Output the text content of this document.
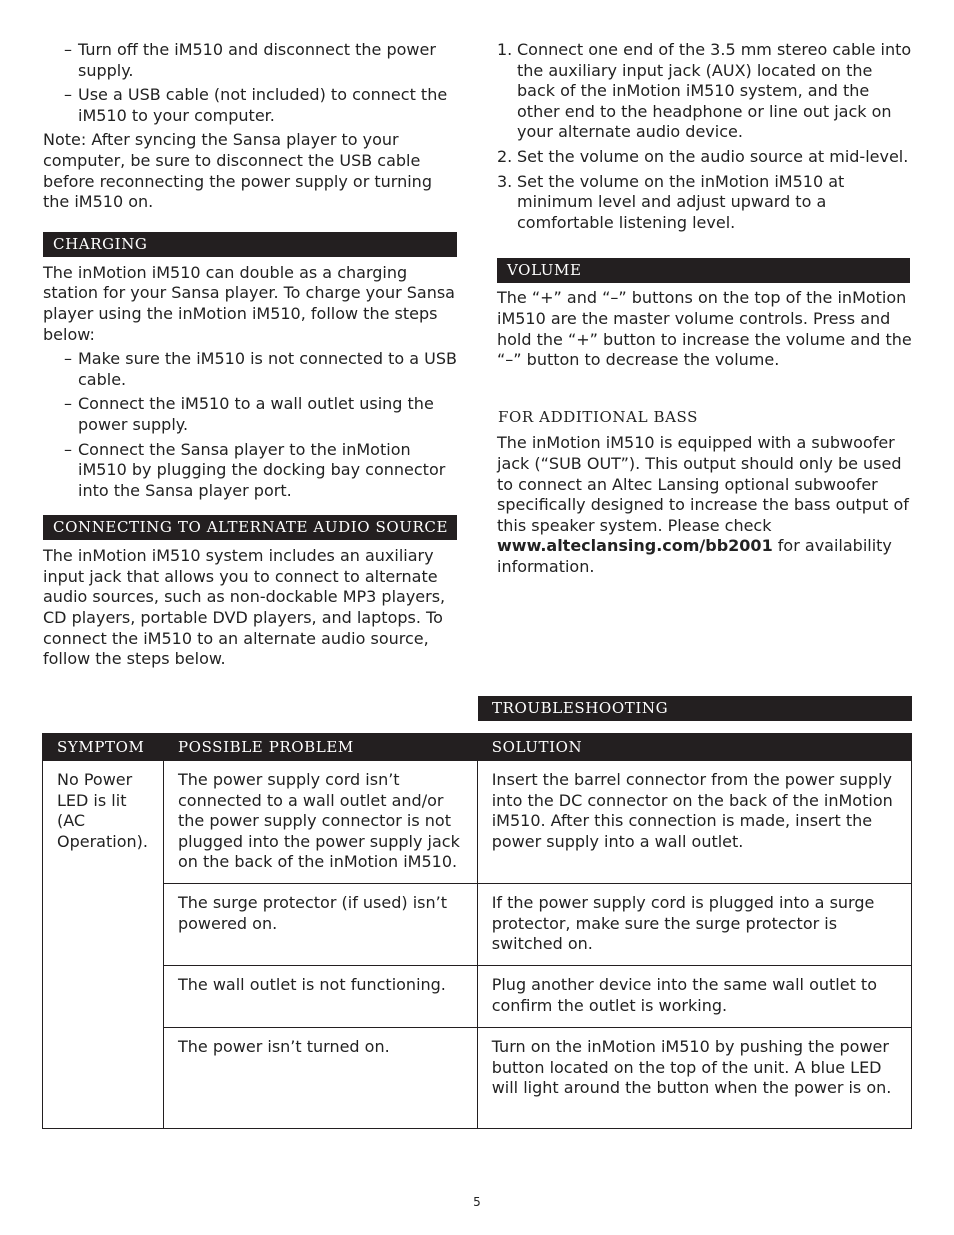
– Turn off the iM510 and disconnect the power supply.
– Use a USB cable (not included) to connect the iM510 to your computer.

Note: After syncing the Sansa player to your computer, be sure to disconnect the USB cable before reconnecting the power supply or turning the iM510 on.

CHARGING

The inMotion iM510 can double as a charging station for your Sansa player. To charge your Sansa player using the inMotion iM510, follow the steps below:

– Make sure the iM510 is not connected to a USB cable.
– Connect the iM510 to a wall outlet using the power supply.
– Connect the Sansa player to the inMotion iM510 by plugging the docking bay connector into the Sansa player port.
CONNECTING TO ALTERNATE AUDIO SOURCE

The inMotion iM510 system includes an auxiliary input jack that allows you to connect to alternate audio sources, such as non-dockable MP3 players, CD players, portable DVD players, and laptops. To connect the iM510 to an alternate audio source, follow the steps below.

1. Connect one end of the 3.5 mm stereo cable into the auxiliary input jack (AUX) located on the back of the inMotion iM510 system, and the other end to the headphone or line out jack on your alternate audio device.
2. Set the volume on the audio source at mid-level.
3. Set the volume on the inMotion iM510 at minimum level and adjust upward to a comfortable listening level.
VOLUME

The “+” and “–” buttons on the top of the inMotion iM510 are the master volume controls. Press and hold the “+” button to increase the volume and the “–” button to decrease the volume.

FOR ADDITIONAL BASS

The inMotion iM510 is equipped with a subwoofer jack (“SUB OUT”). This output should only be used to connect an Altec Lansing optional subwoofer specifically designed to increase the bass output of this speaker system. Please check www.alteclansing.com/bb2001 for availability information.

TROUBLESHOOTING
SYMPTOM	POSSIBLE PROBLEM	SOLUTION
No Power LED is lit (AC Operation).	The power supply cord isn’t connected to a wall outlet and/or the power supply connector is not plugged into the power supply jack on the back of the inMotion iM510.	Insert the barrel connector from the power supply into the DC connector on the back of the inMotion iM510. After this connection is made, insert the power supply into a wall outlet.
	The surge protector (if used) isn’t powered on.	If the power supply cord is plugged into a surge protector, make sure the surge protector is switched on.
	The wall outlet is not functioning.	Plug another device into the same wall outlet to confirm the outlet is working.
	The power isn’t turned on.	Turn on the inMotion iM510 by pushing the power button located on the top of the unit. A blue LED will light around the button when the power is on.
5
